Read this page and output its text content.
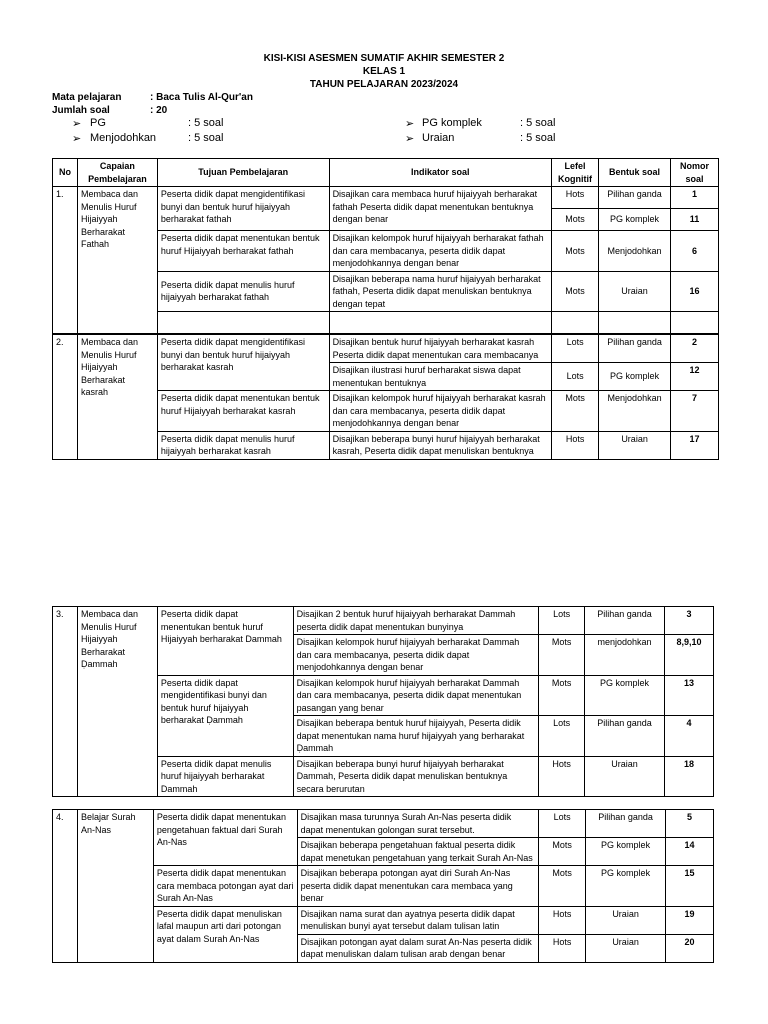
KISI-KISI ASESMEN SUMATIF AKHIR SEMESTER 2
KELAS 1
TAHUN PELAJARAN 2023/2024
Mata pelajaran	: Baca Tulis Al-Qur'an
Jumlah soal	: 20
➢ PG	: 5 soal
➢ Menjodohkan	: 5 soal
➢ PG komplek	: 5 soal
➢ Uraian	: 5 soal
No	Capaian Pembelajaran	Tujuan Pembelajaran	Indikator soal	Lefel Kognitif	Bentuk soal	Nomor soal
1.	Membaca dan Menulis Huruf Hijaiyyah Berharakat Fathah	Peserta didik dapat mengidentifikasi bunyi dan bentuk huruf hijaiyyah berharakat fathah	Disajikan cara membaca huruf hijaiyyah berharakat fathah Peserta didik dapat menentukan bentuknya dengan benar	Hots	Pilihan ganda	1
				Mots	PG komplek	11
		Peserta didik dapat menentukan bentuk huruf Hijaiyyah berharakat fathah	Disajikan kelompok huruf hijaiyyah berharakat fathah dan cara membacanya, peserta didik dapat menjodohkannya dengan benar	Mots	Menjodohkan	6
		Peserta didik dapat menulis huruf hijaiyyah berharakat fathah	Disajikan beberapa nama huruf hijaiyyah berharakat fathah, Peserta didik dapat menuliskan bentuknya dengan tepat	Mots	Uraian	16

2.	Membaca dan Menulis Huruf Hijaiyyah Berharakat kasrah	Peserta didik dapat mengidentifikasi bunyi dan bentuk huruf hijaiyyah berharakat kasrah	Disajikan bentuk huruf hijaiyyah berharakat kasrah Peserta didik dapat menentukan cara membacanya	Lots	Pilihan ganda	2
			Disajikan ilustrasi huruf berharakat siswa dapat menentukan bentuknya	Lots	PG komplek	12
		Peserta didik dapat menentukan bentuk huruf Hijaiyyah berharakat kasrah	Disajikan kelompok huruf hijaiyyah berharakat kasrah dan cara membacanya, peserta didik dapat menjodohkannya dengan benar	Mots	Menjodohkan	7
		Peserta didik dapat menulis huruf hijaiyyah berharakat kasrah	Disajikan beberapa bunyi huruf hijaiyyah berharakat kasrah, Peserta didik dapat menuliskan bentuknya	Hots	Uraian	17
3.	Membaca dan Menulis Huruf Hijaiyyah Berharakat Ḍammah	Peserta didik dapat menentukan bentuk huruf Hijaiyyah berharakat Dammah	Disajikan 2 bentuk huruf hijaiyyah berharakat Dammah peserta didik dapat menentukan bunyinya	Lots	Pilihan ganda	3
			Disajikan kelompok huruf hijaiyyah berharakat Dammah dan cara membacanya, peserta didik dapat menjodohkannya dengan benar	Mots	menjodohkan	8,9,10
		Peserta didik dapat mengidentifikasi bunyi dan bentuk huruf hijaiyyah berharakat Ḍammah	Disajikan kelompok huruf hijaiyyah berharakat Dammah dan cara membacanya, peserta didik dapat menentukan pasangan yang benar	Mots	PG komplek	13
			Disajikan beberapa bentuk huruf hijaiyyah, Peserta didik dapat menentukan nama huruf hijaiyyah yang berharakat Ḍammah	Lots	Pilihan ganda	4
		Peserta didik dapat menulis huruf hijaiyyah berharakat Dammah	Disajikan beberapa bunyi huruf hijaiyyah berharakat Dammah, Peserta didik dapat menuliskan bentuknya secara berurutan	Hots	Uraian	18
4.	Belajar Surah An-Nas	Peserta didik dapat menentukan pengetahuan faktual dari Surah An-Nas	Disajikan masa turunnya Surah An-Nas peserta didik dapat menentukan golongan surat tersebut.	Lots	Pilihan ganda	5
			Disajikan beberapa pengetahuan faktual peserta didik dapat menetukan pengetahuan yang terkait Surah An-Nas	Mots	PG komplek	14
		Peserta didik dapat menentukan cara membaca potongan ayat dari Surah An-Nas	Disajikan beberapa potongan ayat diri Surah An-Nas peserta didik dapat menentukan cara membaca yang benar	Mots	PG komplek	15
		Peserta didik dapat menuliskan lafal maupun arti dari potongan ayat dalam Surah An-Nas	Disajikan nama surat dan ayatnya peserta didik dapat menuliskan bunyi ayat tersebut dalam tulisan latin	Hots	Uraian	19
			Disajikan potongan ayat dalam surat An-Nas peserta didik dapat menuliskan dalam tulisan arab dengan benar	Hots	Uraian	20
